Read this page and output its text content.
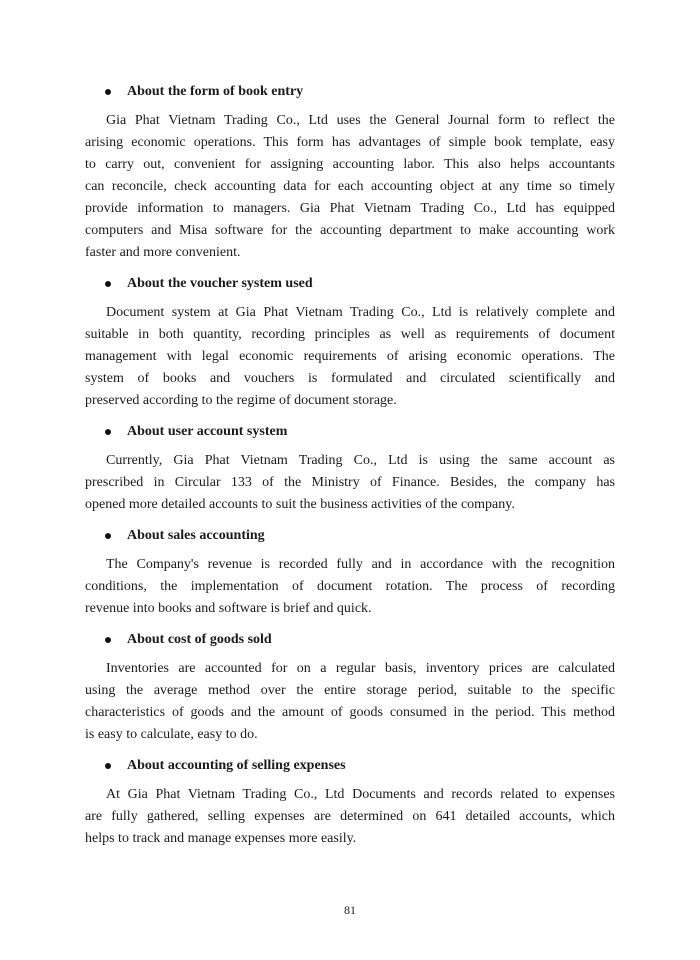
About the form of book entry
Gia Phat Vietnam Trading Co., Ltd uses the General Journal form to reflect the
arising economic operations. This form has advantages of simple book template, easy
to carry out, convenient for assigning accounting labor. This also helps accountants
can reconcile, check accounting data for each accounting object at any time so timely
provide information to managers. Gia Phat Vietnam Trading Co., Ltd has equipped
computers and Misa software for the accounting department to make accounting work
faster and more convenient.
About the voucher system used
Document system at Gia Phat Vietnam Trading Co., Ltd is relatively complete and
suitable in both quantity, recording principles as well as requirements of document
management with legal economic requirements of arising economic operations. The
system of books and vouchers is formulated and circulated scientifically and
preserved according to the regime of document storage.
About user account system
Currently, Gia Phat Vietnam Trading Co., Ltd is using the same account as
prescribed in Circular 133 of the Ministry of Finance. Besides, the company has
opened more detailed accounts to suit the business activities of the company.
About sales accounting
The Company's revenue is recorded fully and in accordance with the recognition
conditions, the implementation of document rotation. The process of recording
revenue into books and software is brief and quick.
About cost of goods sold
Inventories are accounted for on a regular basis, inventory prices are calculated
using the average method over the entire storage period, suitable to the specific
characteristics of goods and the amount of goods consumed in the period. This method
is easy to calculate, easy to do.
About accounting of selling expenses
At Gia Phat Vietnam Trading Co., Ltd Documents and records related to expenses
are fully gathered, selling expenses are determined on 641 detailed accounts, which
helps to track and manage expenses more easily.
81
